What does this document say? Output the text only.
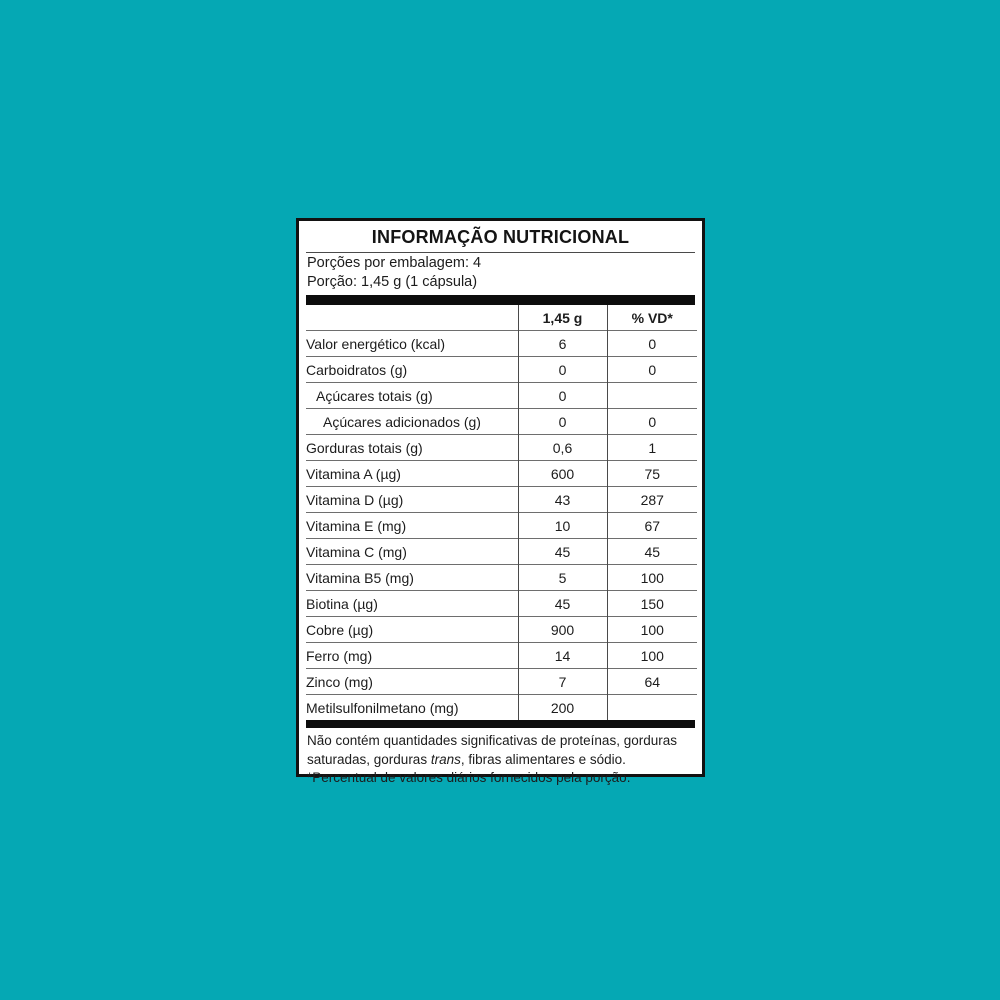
INFORMAÇÃO NUTRICIONAL
Porções por embalagem: 4
Porção: 1,45 g (1 cápsula)
	1,45 g	% VD*
Valor energético (kcal)	6	0
Carboidratos (g)	0	0
Açúcares totais (g)	0	
Açúcares adicionados (g)	0	0
Gorduras totais (g)	0,6	1
Vitamina A (µg)	600	75
Vitamina D (µg)	43	287
Vitamina E (mg)	10	67
Vitamina C (mg)	45	45
Vitamina B5 (mg)	5	100
Biotina (µg)	45	150
Cobre (µg)	900	100
Ferro (mg)	14	100
Zinco (mg)	7	64
Metilsulfonilmetano (mg)	200	
Não contém quantidades significativas de proteínas, gorduras saturadas, gorduras trans, fibras alimentares e sódio.
*Percentual de valores diários fornecidos pela porção.
